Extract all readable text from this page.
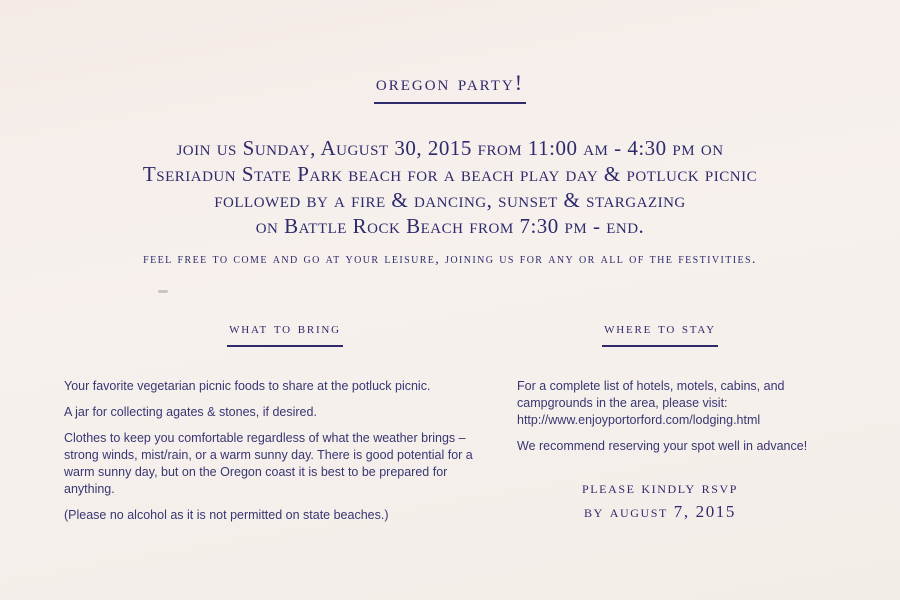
oregon party!
join us Sunday, August 30, 2015 from 11:00 am - 4:30 pm on
Tseriadun State Park beach for a beach play day & potluck picnic
followed by a fire & dancing, sunset & stargazing
on Battle Rock Beach from 7:30 pm - end.
feel free to come and go at your leisure, joining us for any or all of the festivities.
what to bring	where to stay

Your favorite vegetarian picnic foods to share at the potluck picnic.

A jar for collecting agates & stones, if desired.

Clothes to keep you comfortable regardless of what the weather brings – strong winds, mist/rain, or a warm sunny day. There is good potential for a warm sunny day, but on the Oregon coast it is best to be prepared for anything.

(Please no alcohol as it is not permitted on state beaches.)

For a complete list of hotels, motels, cabins, and campgrounds in the area, please visit:
http://www.enjoyportorford.com/lodging.html

We recommend reserving your spot well in advance!

please kindly rsvp
by august 7, 2015
